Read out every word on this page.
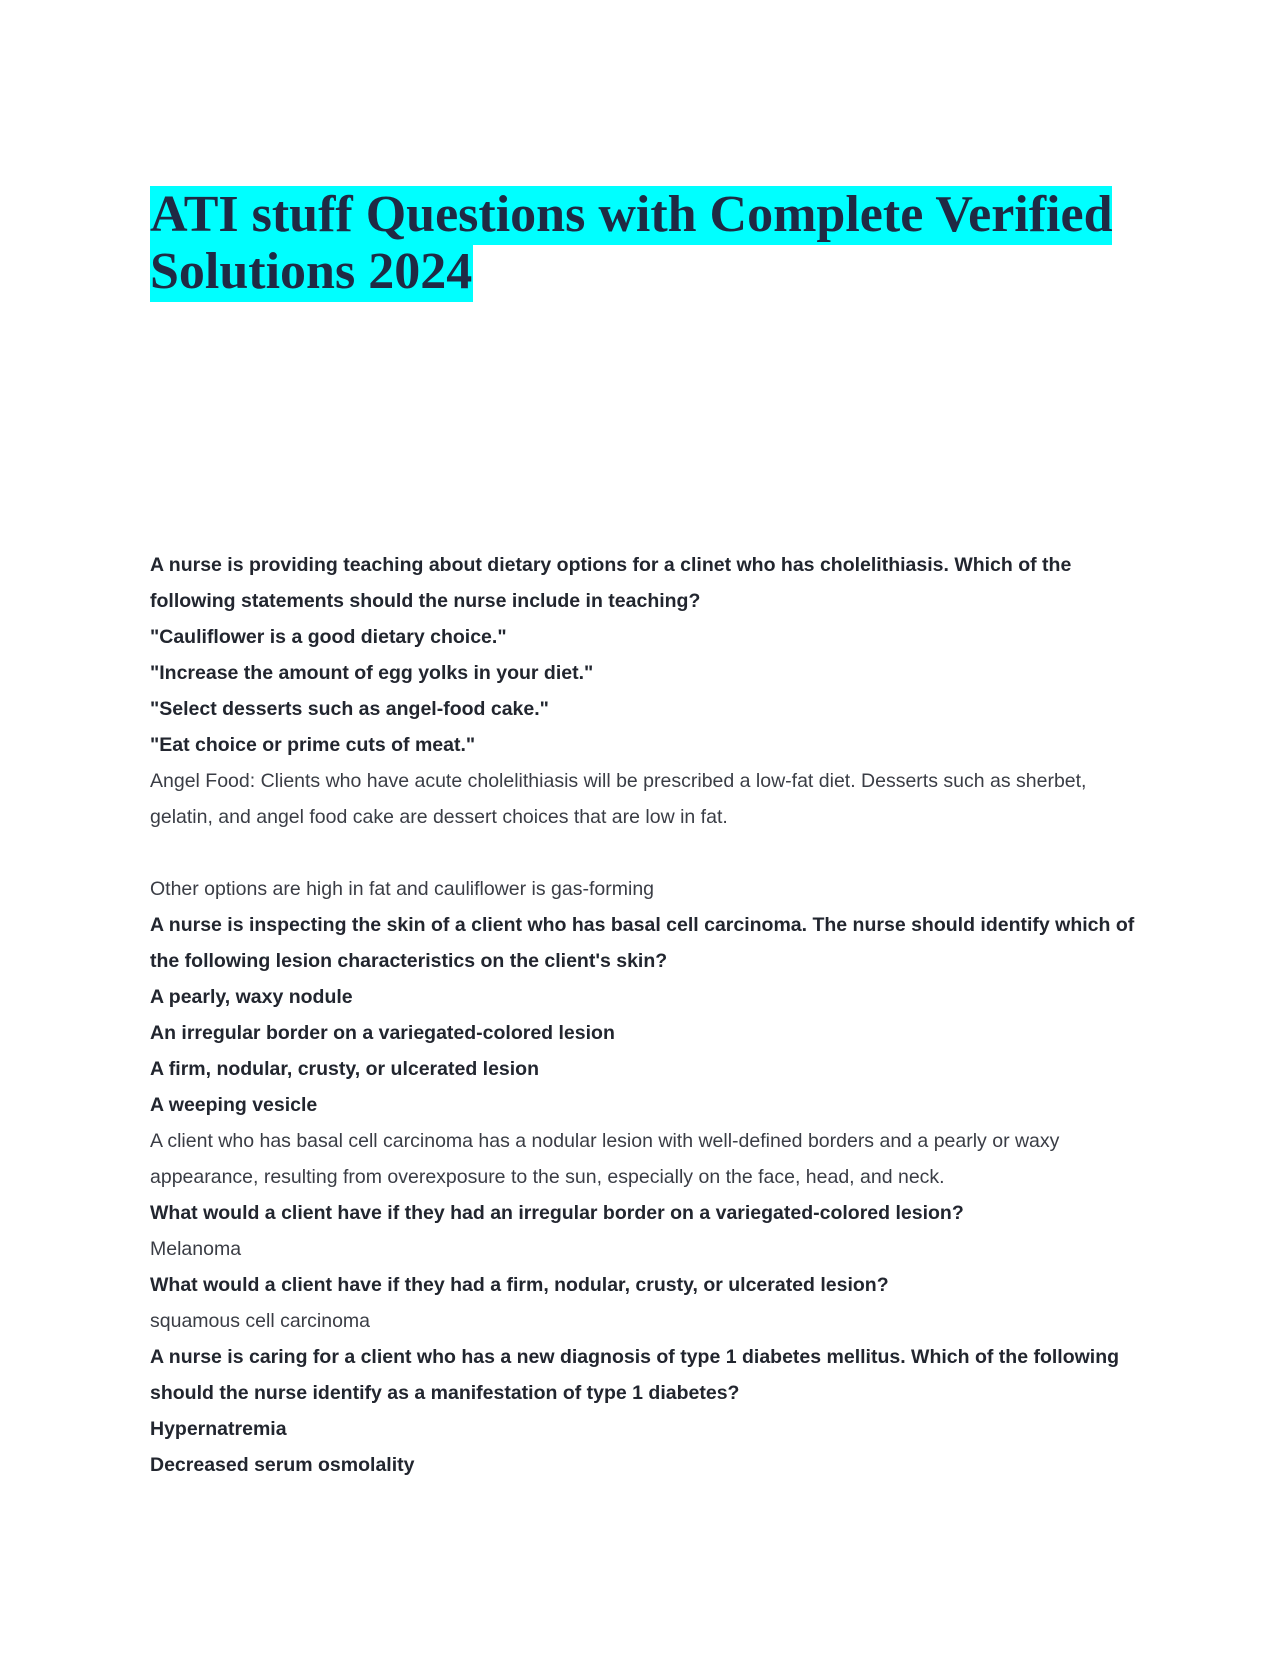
ATI stuff Questions with Complete Verified Solutions 2024

A nurse is providing teaching about dietary options for a clinet who has cholelithiasis. Which of the following statements should the nurse include in teaching?

"Cauliflower is a good dietary choice."

"Increase the amount of egg yolks in your diet."

"Select desserts such as angel-food cake."

"Eat choice or prime cuts of meat."

Angel Food: Clients who have acute cholelithiasis will be prescribed a low-fat diet. Desserts such as sherbet, gelatin, and angel food cake are dessert choices that are low in fat.

Other options are high in fat and cauliflower is gas-forming

A nurse is inspecting the skin of a client who has basal cell carcinoma. The nurse should identify which of the following lesion characteristics on the client's skin?

A pearly, waxy nodule

An irregular border on a variegated-colored lesion

A firm, nodular, crusty, or ulcerated lesion

A weeping vesicle

A client who has basal cell carcinoma has a nodular lesion with well-defined borders and a pearly or waxy appearance, resulting from overexposure to the sun, especially on the face, head, and neck.

What would a client have if they had an irregular border on a variegated-colored lesion?

Melanoma

What would a client have if they had a firm, nodular, crusty, or ulcerated lesion?

squamous cell carcinoma

A nurse is caring for a client who has a new diagnosis of type 1 diabetes mellitus. Which of the following should the nurse identify as a manifestation of type 1 diabetes?

Hypernatremia

Decreased serum osmolality
